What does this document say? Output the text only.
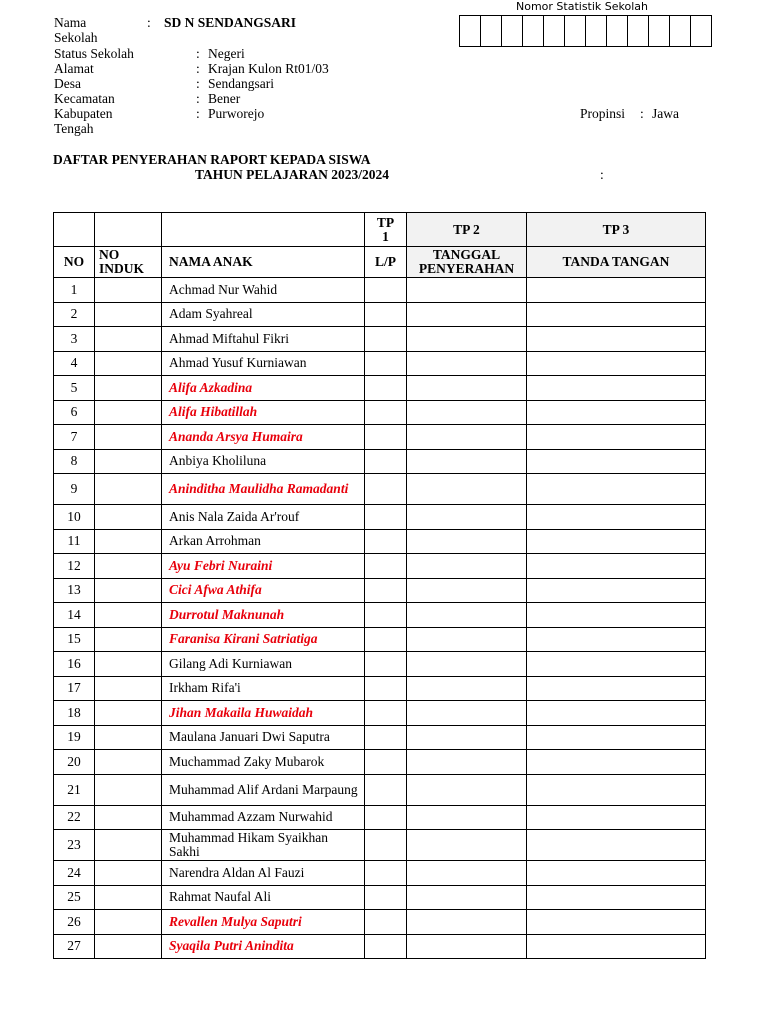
Nomor Statistik Sekolah
Nama
Sekolah
: SD N SENDANGSARI
Status Sekolah	: Negeri
Alamat	: Krajan Kulon Rt01/03
Desa	: Sendangsari
Kecamatan	: Bener
Kabupaten	: Purworejo	Propinsi : Jawa
Tengah
DAFTAR PENYERAHAN RAPORT KEPADA SISWA
TAHUN PELAJARAN 2023/2024	:
			TP 1	TP 2	TP 3
NO	NO INDUK	NAMA ANAK	L/P	TANGGAL PENYERAHAN	TANDA TANGAN
1		Achmad Nur Wahid			
2		Adam Syahreal			
3		Ahmad Miftahul Fikri			
4		Ahmad Yusuf Kurniawan			
5		Alifa Azkadina			
6		Alifa Hibatillah			
7		Ananda Arsya Humaira			
8		Anbiya Kholiluna			
9		Aninditha Maulidha Ramadanti			
10		Anis Nala Zaida Ar'rouf			
11		Arkan Arrohman			
12		Ayu Febri Nuraini			
13		Cici Afwa Athifa			
14		Durrotul Maknunah			
15		Faranisa Kirani Satriatiga			
16		Gilang Adi Kurniawan			
17		Irkham Rifa'i			
18		Jihan Makaila Huwaidah			
19		Maulana Januari Dwi Saputra			
20		Muchammad Zaky Mubarok			
21		Muhammad Alif Ardani Marpaung			
22		Muhammad Azzam Nurwahid			
23		Muhammad Hikam Syaikhan Sakhi			
24		Narendra Aldan Al Fauzi			
25		Rahmat Naufal Ali			
26		Revallen Mulya Saputri			
27		Syaqila Putri Anindita			
